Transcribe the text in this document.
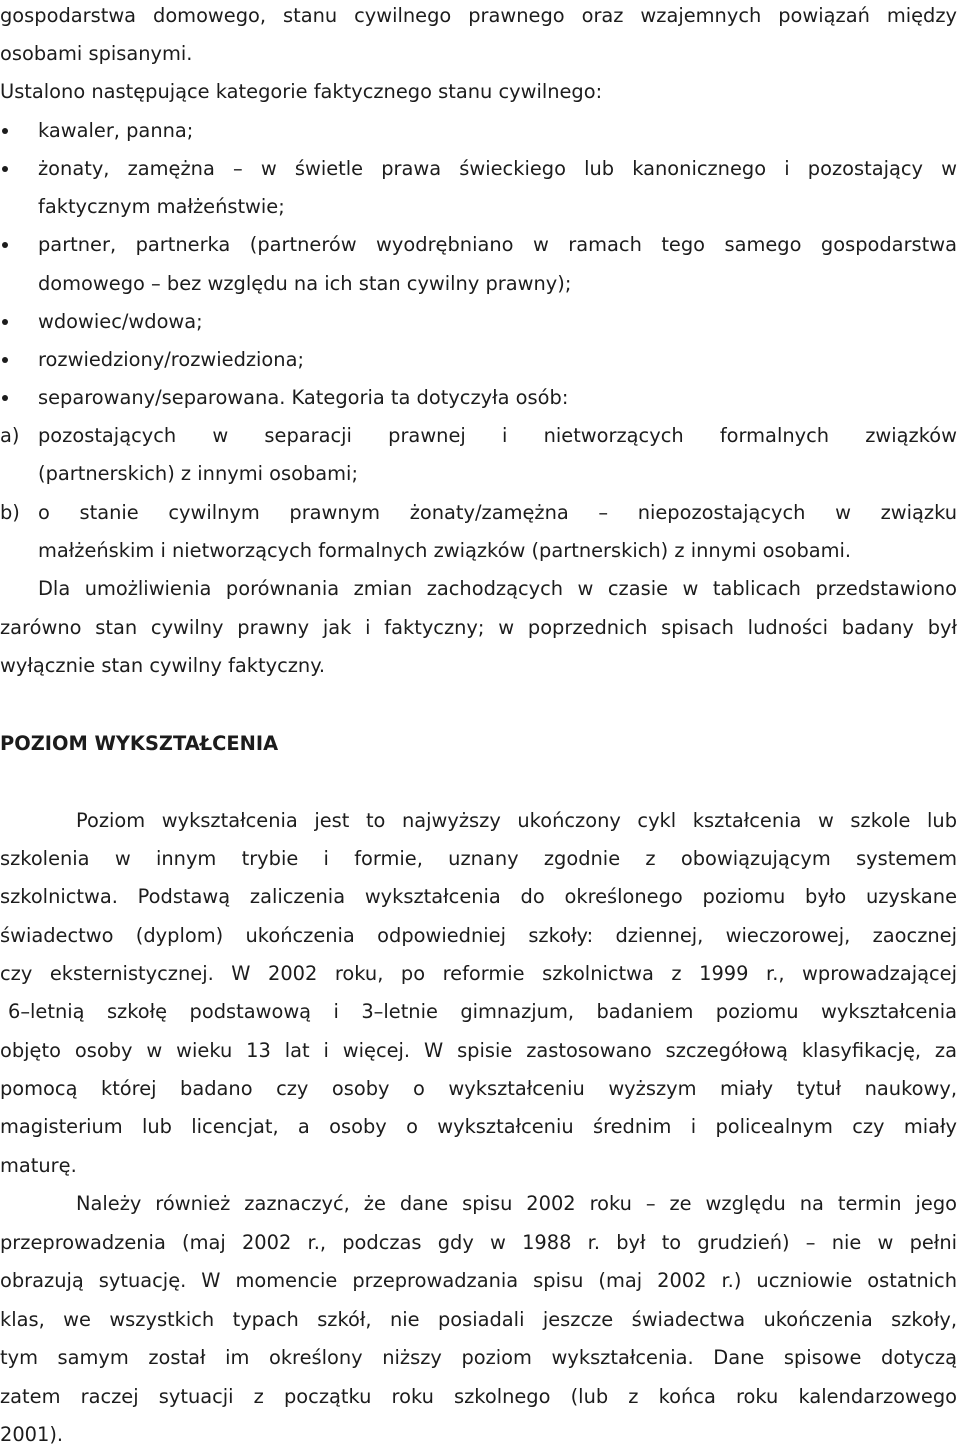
gospodarstwa domowego, stanu cywilnego prawnego oraz wzajemnych powiązań między
osobami spisanymi.
Ustalono następujące kategorie faktycznego stanu cywilnego:
kawaler, panna;
żonaty, zamężna – w świetle prawa świeckiego lub kanonicznego i pozostający w
faktycznym małżeństwie;
partner, partnerka (partnerów wyodrębniano w ramach tego samego gospodarstwa
domowego – bez względu na ich stan cywilny prawny);
wdowiec/wdowa;
rozwiedziony/rozwiedziona;
separowany/separowana. Kategoria ta dotyczyła osób:
a) pozostających w separacji prawnej i nietworzących formalnych związków
(partnerskich) z innymi osobami;
b) o stanie cywilnym prawnym żonaty/zamężna – niepozostających w związku
małżeńskim i nietworzących formalnych związków (partnerskich) z innymi osobami.
Dla umożliwienia porównania zmian zachodzących w czasie w tablicach przedstawiono
zarówno stan cywilny prawny jak i faktyczny; w poprzednich spisach ludności badany był
wyłącznie stan cywilny faktyczny.
POZIOM WYKSZTAŁCENIA
Poziom wykształcenia jest to najwyższy ukończony cykl kształcenia w szkole lub
szkolenia w innym trybie i formie, uznany zgodnie z obowiązującym systemem
szkolnictwa. Podstawą zaliczenia wykształcenia do określonego poziomu było uzyskane
świadectwo (dyplom) ukończenia odpowiedniej szkoły: dziennej, wieczorowej, zaocznej
czy eksternistycznej. W 2002 roku, po reformie szkolnictwa z 1999 r., wprowadzającej
6–letnią szkołę podstawową i 3–letnie gimnazjum, badaniem poziomu wykształcenia
objęto osoby w wieku 13 lat i więcej. W spisie zastosowano szczegółową klasyfikację, za
pomocą której badano czy osoby o wykształceniu wyższym miały tytuł naukowy,
magisterium lub licencjat, a osoby o wykształceniu średnim i policealnym czy miały
maturę.
Należy również zaznaczyć, że dane spisu 2002 roku – ze względu na termin jego
przeprowadzenia (maj 2002 r., podczas gdy w 1988 r. był to grudzień) – nie w pełni
obrazują sytuację. W momencie przeprowadzania spisu (maj 2002 r.) uczniowie ostatnich
klas, we wszystkich typach szkół, nie posiadali jeszcze świadectwa ukończenia szkoły,
tym samym został im określony niższy poziom wykształcenia. Dane spisowe dotyczą
zatem raczej sytuacji z początku roku szkolnego (lub z końca roku kalendarzowego
2001).
